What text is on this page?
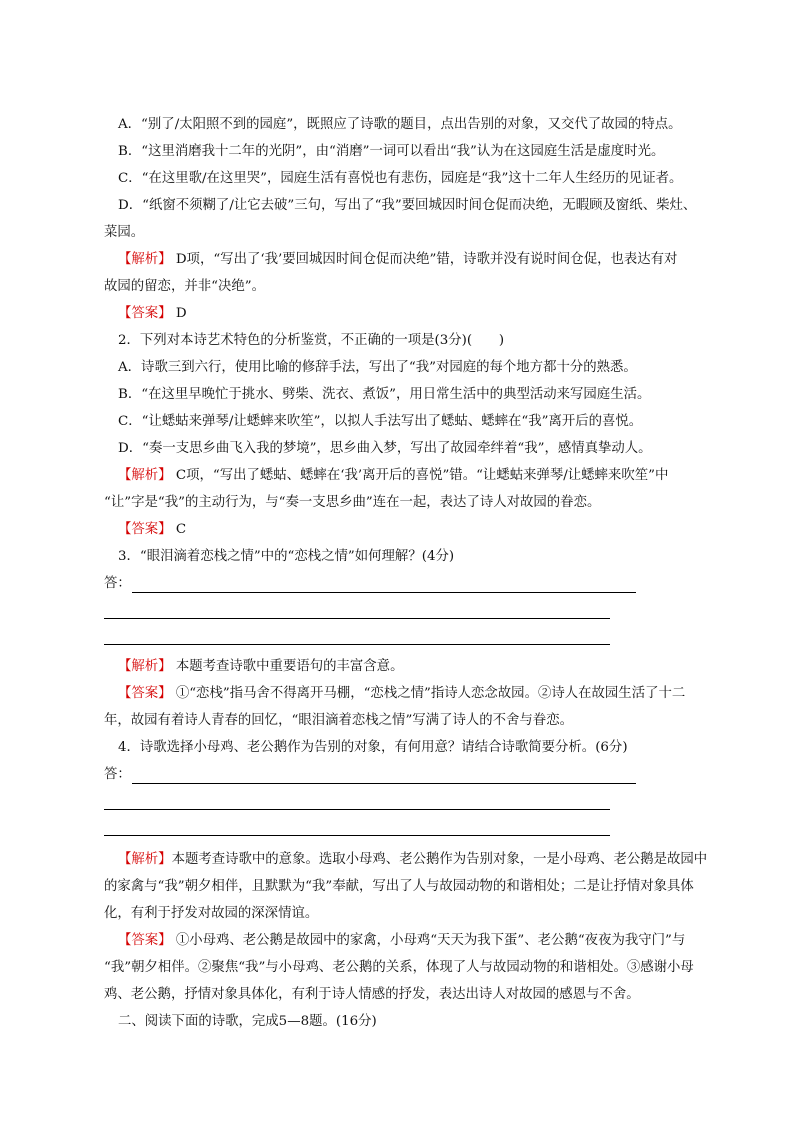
A．“别了/太阳照不到的园庭”，既照应了诗歌的题目，点出告别的对象，又交代了故园的特点。
B．“这里消磨我十二年的光阴”，由“消磨”一词可以看出“我”认为在这园庭生活是虚度时光。
C．“在这里歌/在这里哭”，园庭生活有喜悦也有悲伤，园庭是“我”这十二年人生经历的见证者。
D．“纸窗不须糊了/让它去破”三句，写出了“我”要回城因时间仓促而决绝，无暇顾及窗纸、柴灶、
菜园。
【解析】 D项，“写出了‘我’要回城因时间仓促而决绝”错，诗歌并没有说时间仓促，也表达有对
故园的留恋，并非“决绝”。
【答案】 D
2．下列对本诗艺术特色的分析鉴赏，不正确的一项是(3分)(　　)
A．诗歌三到六行，使用比喻的修辞手法，写出了“我”对园庭的每个地方都十分的熟悉。
B．“在这里早晚忙于挑水、劈柴、洗衣、煮饭”，用日常生活中的典型活动来写园庭生活。
C．“让蟋蛄来弹琴/让蟋蟀来吹笙”，以拟人手法写出了蟋蛄、蟋蟀在“我”离开后的喜悦。
D．“奏一支思乡曲飞入我的梦境”，思乡曲入梦，写出了故园牵绊着“我”，感情真挚动人。
【解析】 C项，“写出了蟋蛄、蟋蟀在‘我’离开后的喜悦”错。“让蟋蛄来弹琴/让蟋蟀来吹笙”中
“让”字是“我”的主动行为，与“奏一支思乡曲”连在一起，表达了诗人对故园的眷恋。
【答案】 C
3．“眼泪滴着恋栈之情”中的“恋栈之情”如何理解？(4分)
答：
【解析】 本题考查诗歌中重要语句的丰富含意。
【答案】 ①“恋栈”指马舍不得离开马棚，“恋栈之情”指诗人恋念故园。②诗人在故园生活了十二
年，故园有着诗人青春的回忆，“眼泪滴着恋栈之情”写满了诗人的不舍与眷恋。
4．诗歌选择小母鸡、老公鹅作为告别的对象，有何用意？请结合诗歌简要分析。(6分)
答：
【解析】本题考查诗歌中的意象。选取小母鸡、老公鹅作为告别对象，一是小母鸡、老公鹅是故园中
的家禽与“我”朝夕相伴，且默默为“我”奉献，写出了人与故园动物的和谐相处；二是让抒情对象具体
化，有利于抒发对故园的深深情谊。
【答案】 ①小母鸡、老公鹅是故园中的家禽，小母鸡“天天为我下蛋”、老公鹅“夜夜为我守门”与
“我”朝夕相伴。②聚焦“我”与小母鸡、老公鹅的关系，体现了人与故园动物的和谐相处。③感谢小母
鸡、老公鹅，抒情对象具体化，有利于诗人情感的抒发，表达出诗人对故园的感恩与不舍。
二、阅读下面的诗歌，完成5—8题。(16分)
